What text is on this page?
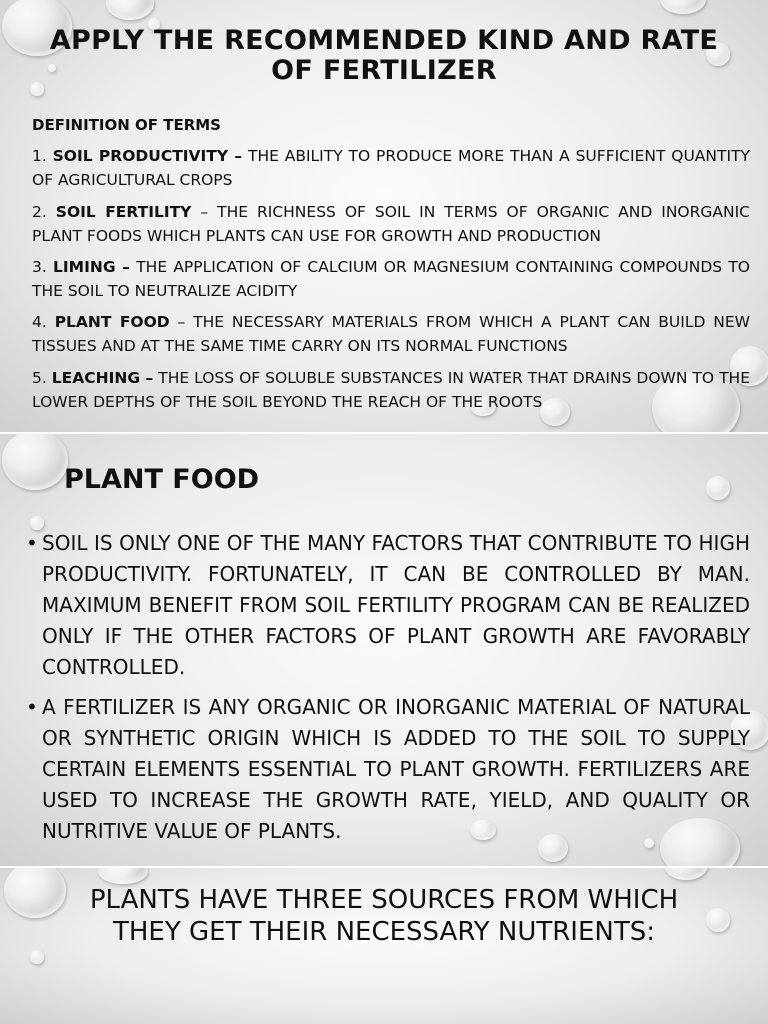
APPLY THE RECOMMENDED KIND AND RATE OF FERTILIZER
DEFINITION OF TERMS
1. SOIL PRODUCTIVITY – THE ABILITY TO PRODUCE MORE THAN A SUFFICIENT QUANTITY OF AGRICULTURAL CROPS
2. SOIL FERTILITY – THE RICHNESS OF SOIL IN TERMS OF ORGANIC AND INORGANIC PLANT FOODS WHICH PLANTS CAN USE FOR GROWTH AND PRODUCTION
3. LIMING – THE APPLICATION OF CALCIUM OR MAGNESIUM CONTAINING COMPOUNDS TO THE SOIL TO NEUTRALIZE ACIDITY
4. PLANT FOOD – THE NECESSARY MATERIALS FROM WHICH A PLANT CAN BUILD NEW TISSUES AND AT THE SAME TIME CARRY ON ITS NORMAL FUNCTIONS
5. LEACHING – THE LOSS OF SOLUBLE SUBSTANCES IN WATER THAT DRAINS DOWN TO THE LOWER DEPTHS OF THE SOIL BEYOND THE REACH OF THE ROOTS
PLANT FOOD
• SOIL IS ONLY ONE OF THE MANY FACTORS THAT CONTRIBUTE TO HIGH PRODUCTIVITY. FORTUNATELY, IT CAN BE CONTROLLED BY MAN. MAXIMUM BENEFIT FROM SOIL FERTILITY PROGRAM CAN BE REALIZED ONLY IF THE OTHER FACTORS OF PLANT GROWTH ARE FAVORABLY CONTROLLED.
• A FERTILIZER IS ANY ORGANIC OR INORGANIC MATERIAL OF NATURAL OR SYNTHETIC ORIGIN WHICH IS ADDED TO THE SOIL TO SUPPLY CERTAIN ELEMENTS ESSENTIAL TO PLANT GROWTH. FERTILIZERS ARE USED TO INCREASE THE GROWTH RATE, YIELD, AND QUALITY OR NUTRITIVE VALUE OF PLANTS.
PLANTS HAVE THREE SOURCES FROM WHICH THEY GET THEIR NECESSARY NUTRIENTS:
